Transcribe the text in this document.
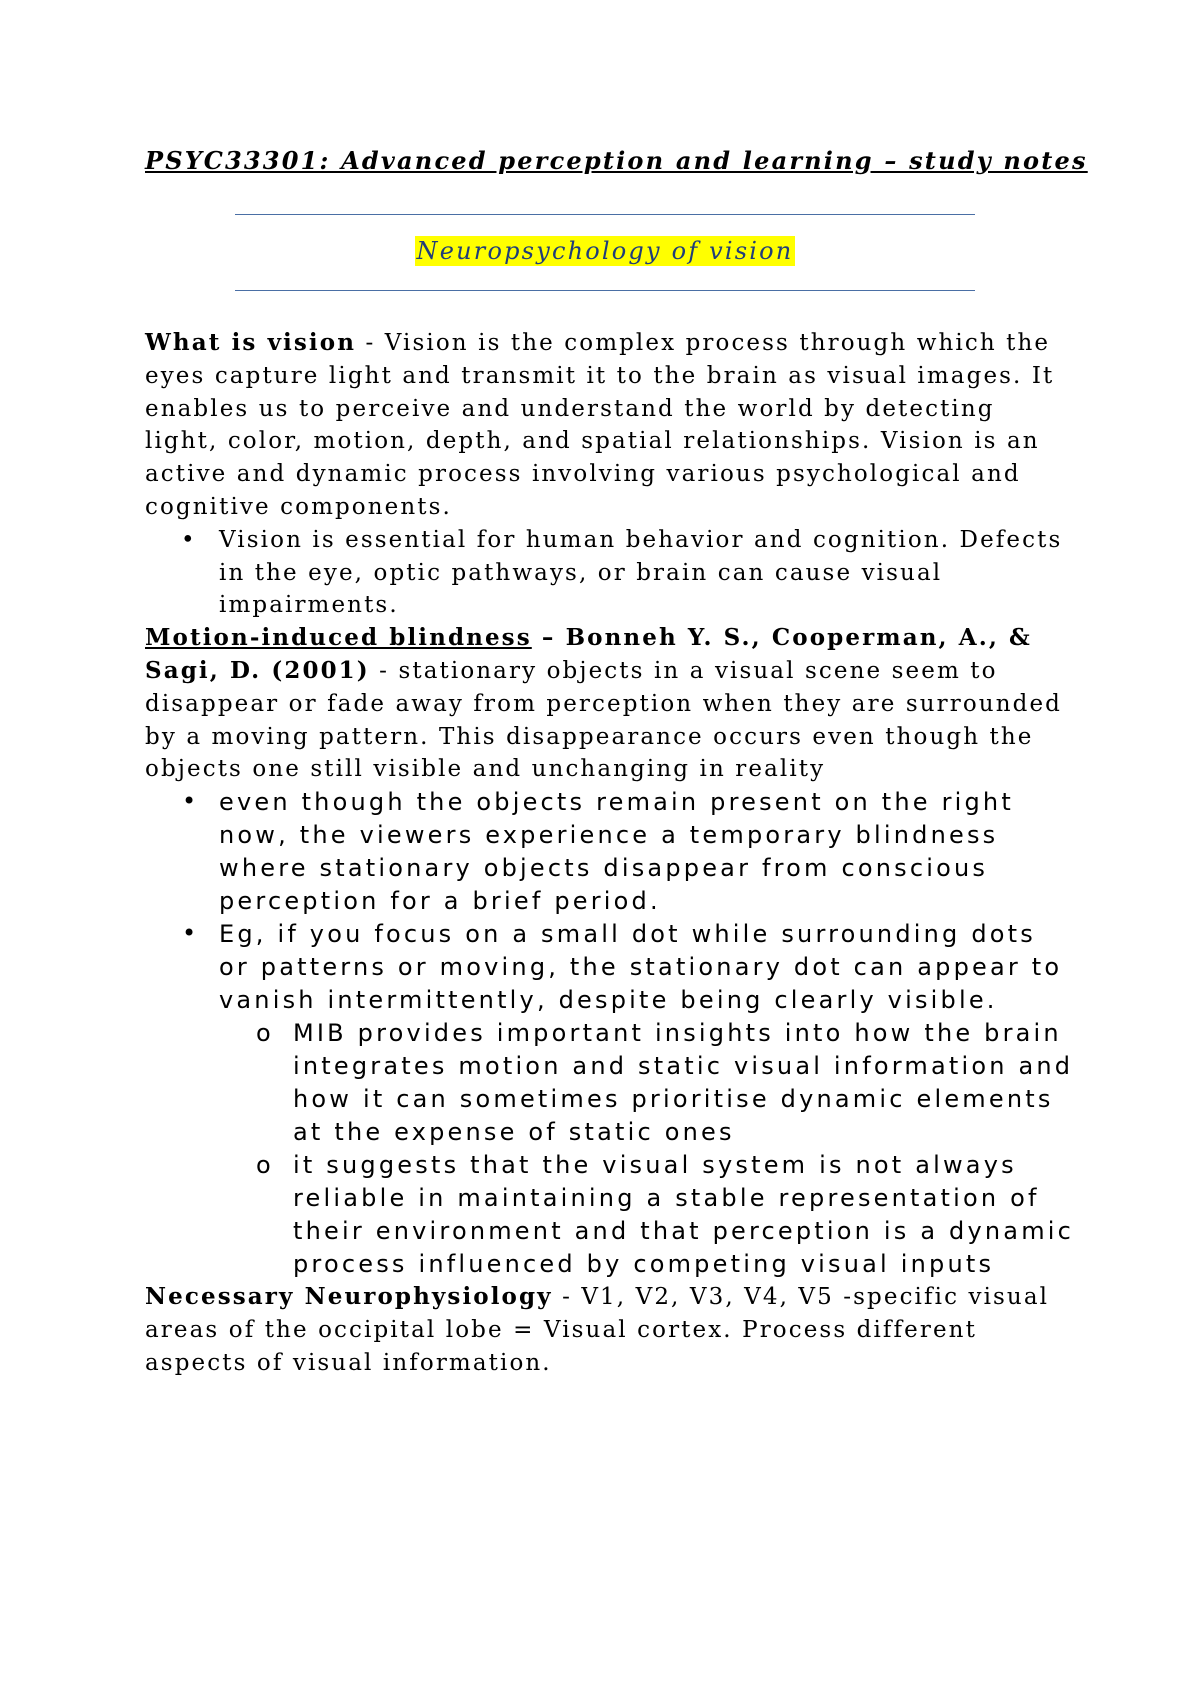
PSYC33301: Advanced perception and learning – study notes
Neuropsychology of vision

What is vision - Vision is the complex process through which the eyes capture light and transmit it to the brain as visual images. It enables us to perceive and understand the world by detecting light, color, motion, depth, and spatial relationships. Vision is an active and dynamic process involving various psychological and cognitive components.

• Vision is essential for human behavior and cognition. Defects in the eye, optic pathways, or brain can cause visual impairments.

Motion-induced blindness – Bonneh Y. S., Cooperman, A., & Sagi, D. (2001) - stationary objects in a visual scene seem to disappear or fade away from perception when they are surrounded by a moving pattern. This disappearance occurs even though the objects one still visible and unchanging in reality

• even though the objects remain present on the right now, the viewers experience a temporary blindness where stationary objects disappear from conscious perception for a brief period.
• Eg, if you focus on a small dot while surrounding dots or patterns or moving, the stationary dot can appear to vanish intermittently, despite being clearly visible.
o MIB provides important insights into how the brain integrates motion and static visual information and how it can sometimes prioritise dynamic elements at the expense of static ones
o it suggests that the visual system is not always reliable in maintaining a stable representation of their environment and that perception is a dynamic process influenced by competing visual inputs

Necessary Neurophysiology - V1, V2, V3, V4, V5 -specific visual areas of the occipital lobe = Visual cortex. Process different aspects of visual information.
